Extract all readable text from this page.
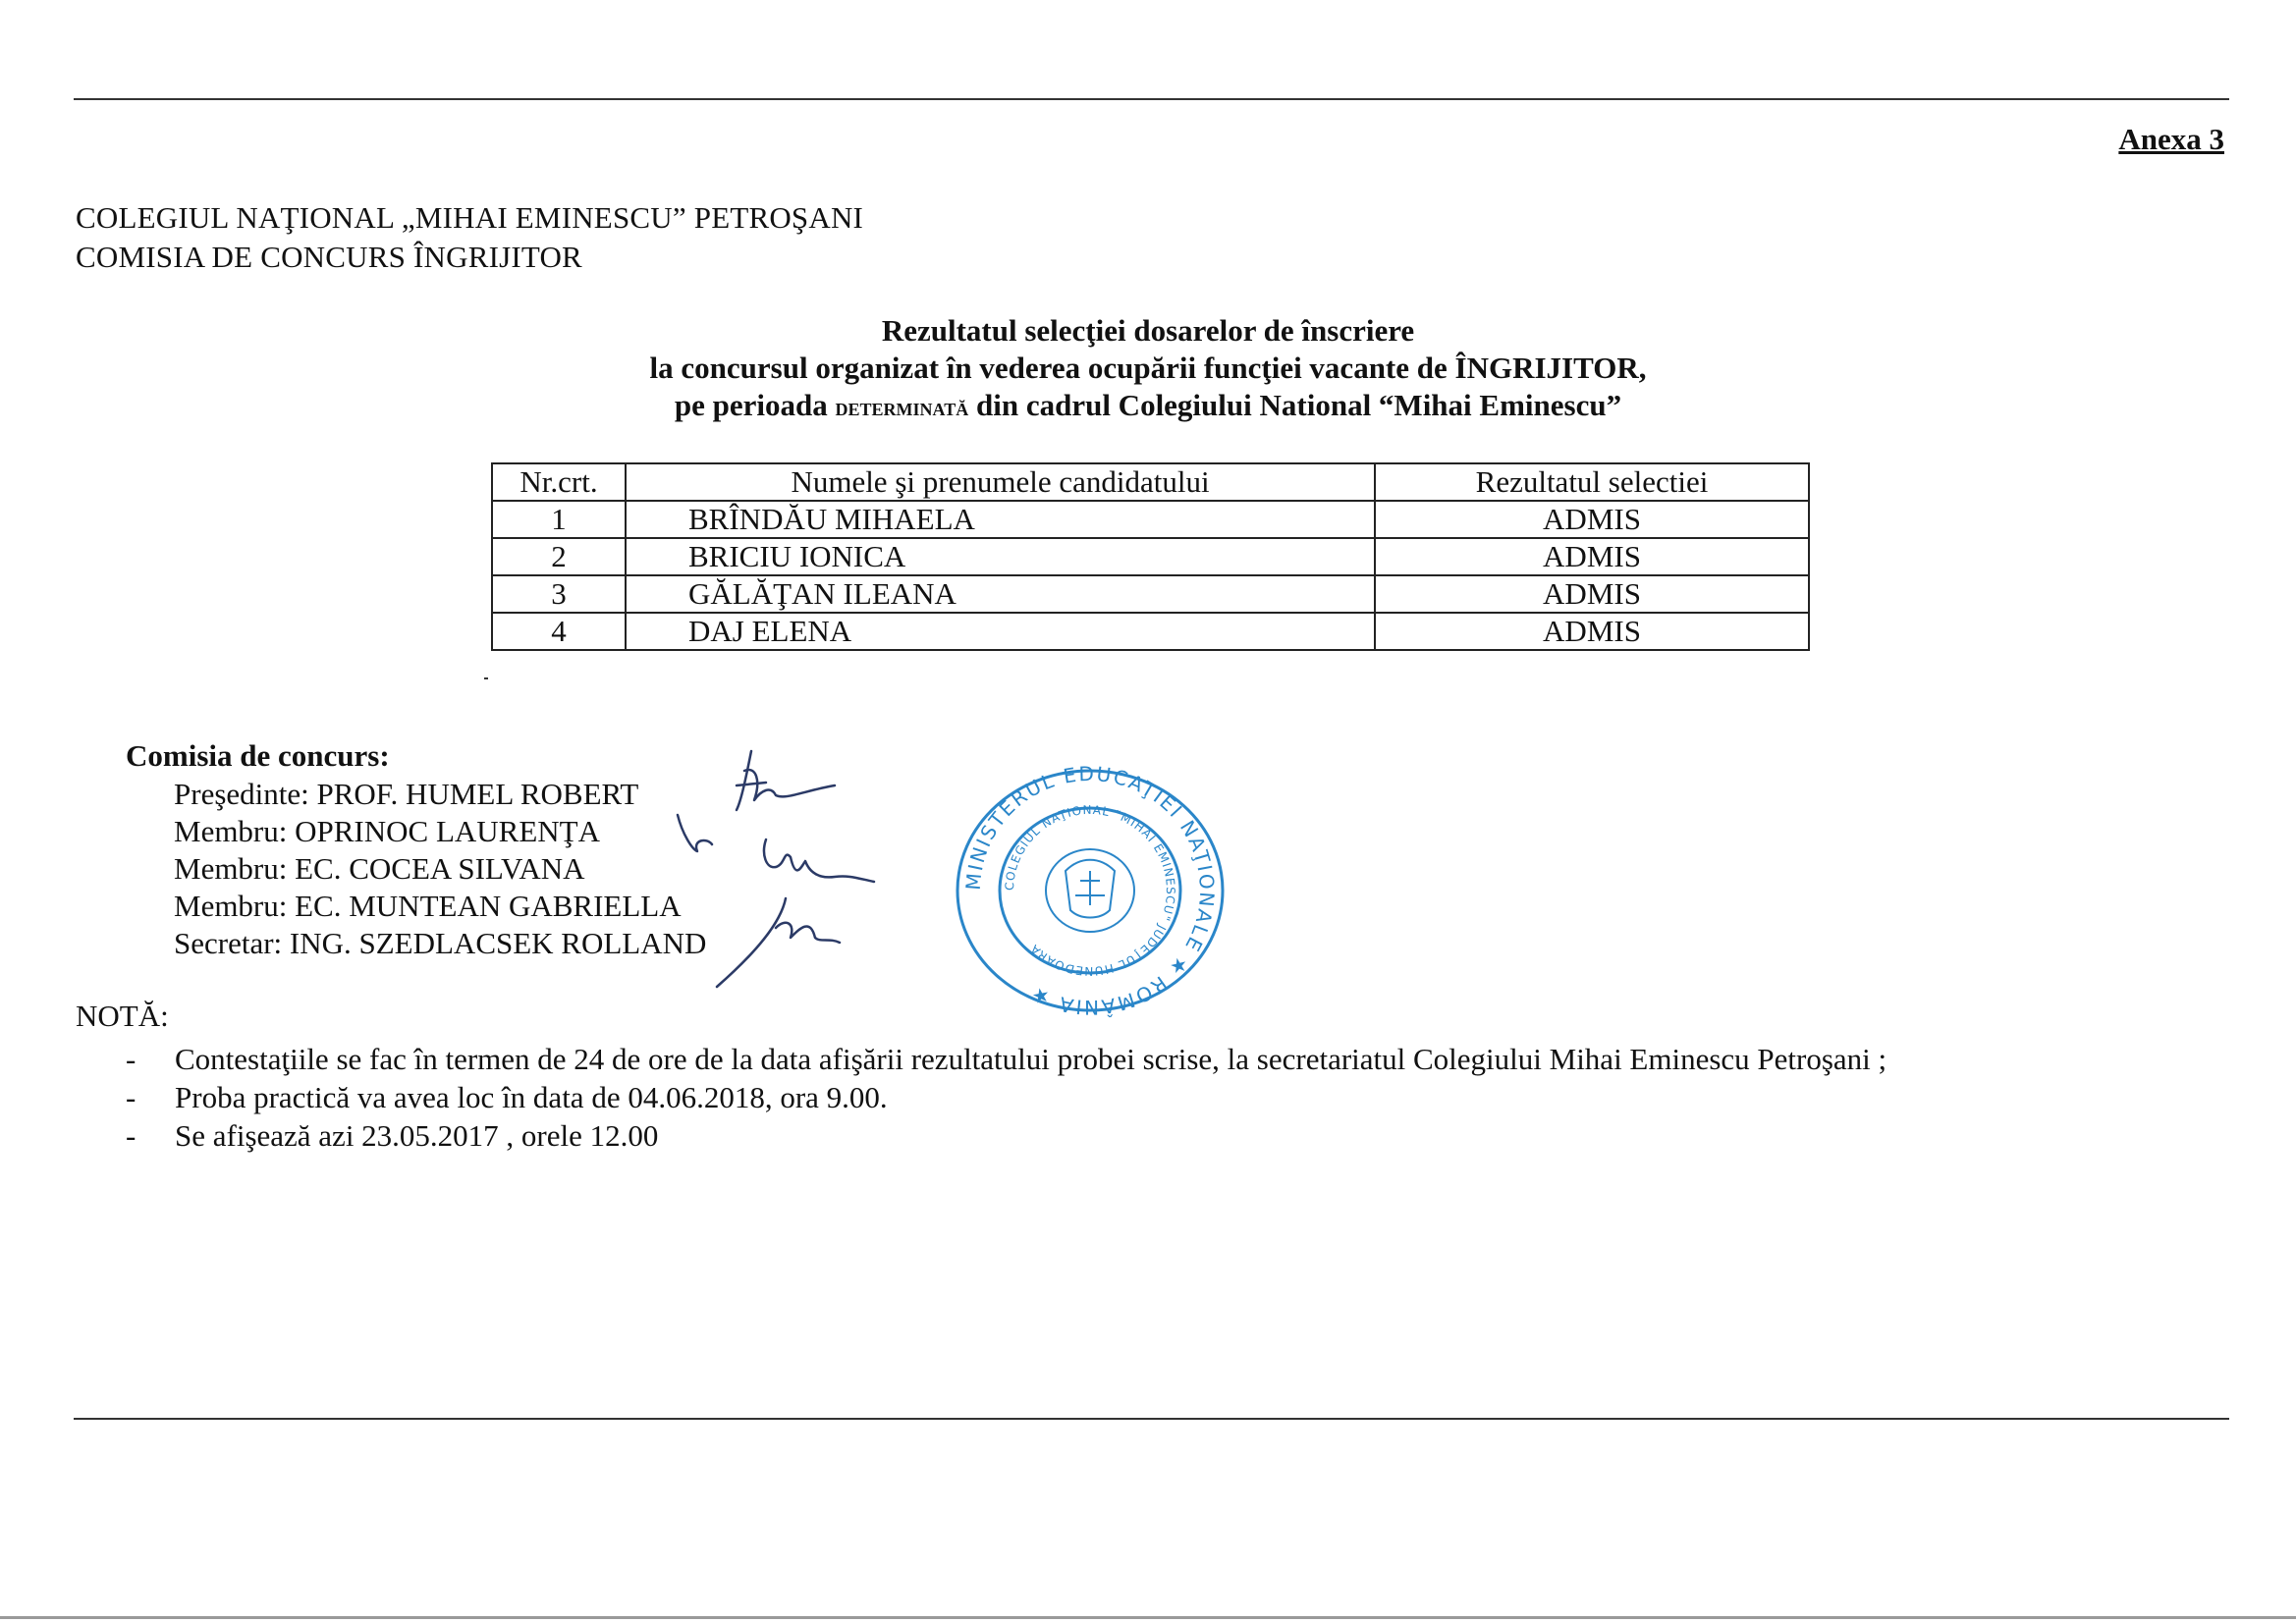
Anexa 3
COLEGIUL NAŢIONAL „MIHAI EMINESCU” PETROŞANI
COMISIA DE CONCURS ÎNGRIJITOR
Rezultatul selecţiei dosarelor de înscriere
la concursul organizat în vederea ocupării funcţiei vacante de ÎNGRIJITOR,
pe perioada determinată din cadrul Colegiului National “Mihai Eminescu”
Nr.crt.	Numele şi prenumele candidatului	Rezultatul selectiei
1	BRÎNDĂU MIHAELA	ADMIS
2	BRICIU IONICA	ADMIS
3	GĂLĂŢAN ILEANA	ADMIS
4	DAJ ELENA	ADMIS
Comisia de concurs:
Preşedinte: PROF. HUMEL ROBERT
Membru: OPRINOC LAURENŢA
Membru: EC. COCEA SILVANA
Membru: EC. MUNTEAN GABRIELLA
Secretar: ING. SZEDLACSEK ROLLAND
MINISTERUL EDUCAŢIEI NAŢIONALE ★ ROMÂNIA ★
COLEGIUL NAŢIONAL "MIHAI EMINESCU" JUDEŢUL HUNEDOARA
NOTĂ:
-	Contestaţiile se fac în termen de 24 de ore de la data afişării rezultatului probei scrise, la secretariatul Colegiului Mihai Eminescu Petroşani ;
-	Proba practică va avea loc în data de 04.06.2018, ora 9.00.
-	Se afişează azi 23.05.2017 , orele 12.00
